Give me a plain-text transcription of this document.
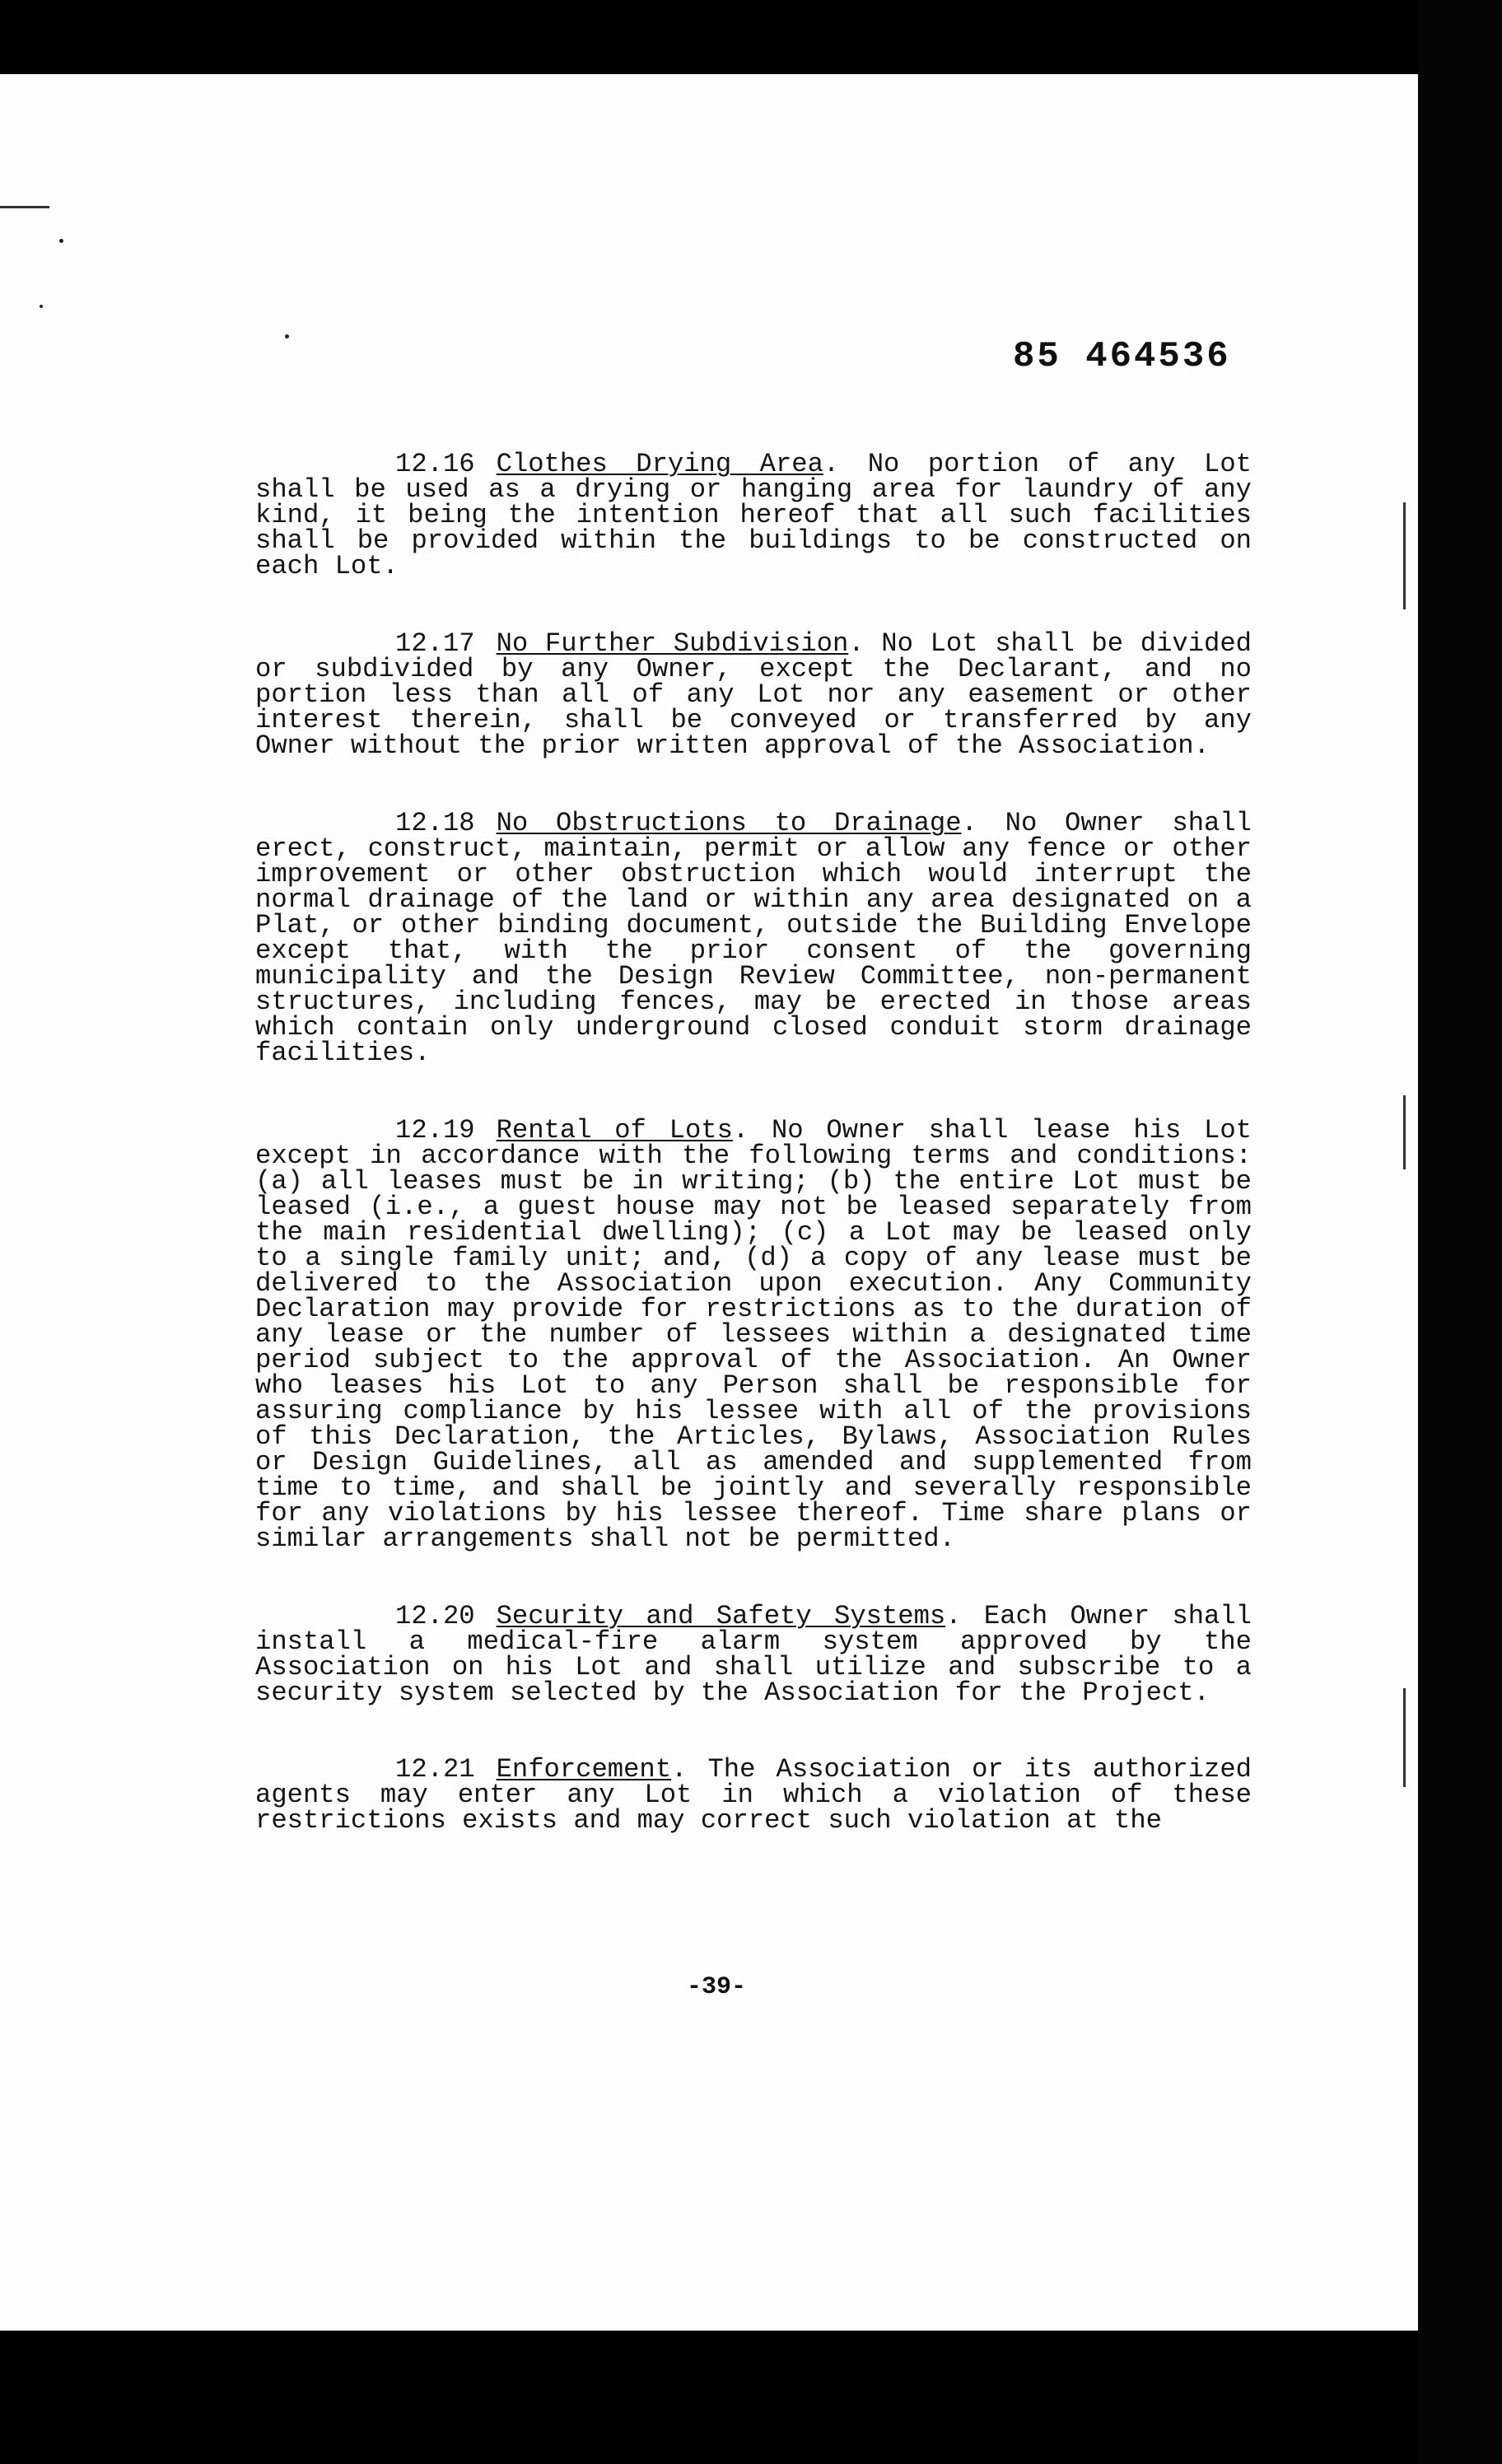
85 464536

12.16 Clothes Drying Area. No portion of any Lot shall be used as a drying or hanging area for laundry of any kind, it being the intention hereof that all such facilities shall be provided within the buildings to be constructed on each Lot.

12.17 No Further Subdivision. No Lot shall be divided or subdivided by any Owner, except the Declarant, and no portion less than all of any Lot nor any easement or other interest therein, shall be conveyed or transferred by any Owner without the prior written approval of the Association.

12.18 No Obstructions to Drainage. No Owner shall erect, construct, maintain, permit or allow any fence or other improvement or other obstruction which would interrupt the normal drainage of the land or within any area designated on a Plat, or other binding document, outside the Building Envelope except that, with the prior consent of the governing municipality and the Design Review Committee, non-permanent structures, including fences, may be erected in those areas which contain only underground closed conduit storm drainage facilities.

12.19 Rental of Lots. No Owner shall lease his Lot except in accordance with the following terms and conditions: (a) all leases must be in writing; (b) the entire Lot must be leased (i.e., a guest house may not be leased separately from the main residential dwelling); (c) a Lot may be leased only to a single family unit; and, (d) a copy of any lease must be delivered to the Association upon execution. Any Community Declaration may provide for restrictions as to the duration of any lease or the number of lessees within a designated time period subject to the approval of the Association. An Owner who leases his Lot to any Person shall be responsible for assuring compliance by his lessee with all of the provisions of this Declaration, the Articles, Bylaws, Association Rules or Design Guidelines, all as amended and supplemented from time to time, and shall be jointly and severally responsible for any violations by his lessee thereof. Time share plans or similar arrangements shall not be permitted.

12.20 Security and Safety Systems. Each Owner shall install a medical-fire alarm system approved by the Association on his Lot and shall utilize and subscribe to a security system selected by the Association for the Project.

12.21 Enforcement. The Association or its authorized agents may enter any Lot in which a violation of these restrictions exists and may correct such violation at the

-39-
